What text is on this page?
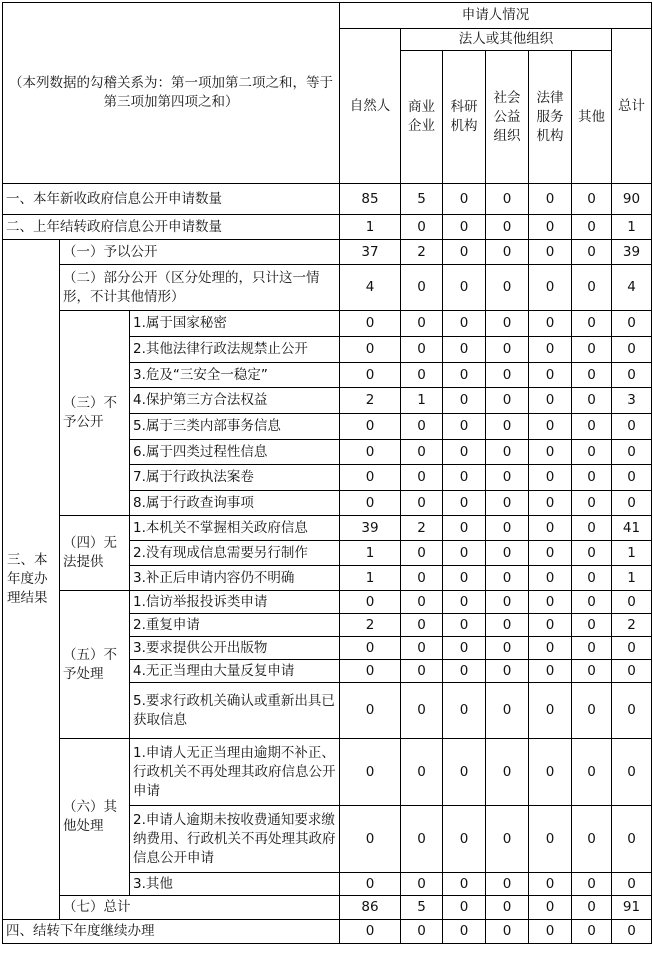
（本列数据的勾稽关系为：第一项加第二项之和，等于第三项加第四项之和）			申请人情况						
			自然人	法人或其他组织					总计
				商业企业	科研机构	社会公益组织	法律服务机构	其他	
一、本年新收政府信息公开申请数量			85	5	0	0	0	0	90
二、上年结转政府信息公开申请数量			1	0	0	0	0	0	1
三、本年度办理结果	（一）予以公开		37	2	0	0	0	0	39
	（二）部分公开（区分处理的，只计这一情形，不计其他情形）		4	0	0	0	0	0	4
	（三）不予公开	1.属于国家秘密	0	0	0	0	0	0	0
		2.其他法律行政法规禁止公开	0	0	0	0	0	0	0
		3.危及“三安全一稳定”	0	0	0	0	0	0	0
		4.保护第三方合法权益	2	1	0	0	0	0	3
		5.属于三类内部事务信息	0	0	0	0	0	0	0
		6.属于四类过程性信息	0	0	0	0	0	0	0
		7.属于行政执法案卷	0	0	0	0	0	0	0
		8.属于行政查询事项	0	0	0	0	0	0	0
	（四）无法提供	1.本机关不掌握相关政府信息	39	2	0	0	0	0	41
		2.没有现成信息需要另行制作	1	0	0	0	0	0	1
		3.补正后申请内容仍不明确	1	0	0	0	0	0	1
	（五）不予处理	1.信访举报投诉类申请	0	0	0	0	0	0	0
		2.重复申请	2	0	0	0	0	0	2
		3.要求提供公开出版物	0	0	0	0	0	0	0
		4.无正当理由大量反复申请	0	0	0	0	0	0	0
		5.要求行政机关确认或重新出具已获取信息	0	0	0	0	0	0	0
	（六）其他处理	1.申请人无正当理由逾期不补正、行政机关不再处理其政府信息公开申请	0	0	0	0	0	0	0
		2.申请人逾期未按收费通知要求缴纳费用、行政机关不再处理其政府信息公开申请	0	0	0	0	0	0	0
		3.其他	0	0	0	0	0	0	0
	（七）总计		86	5	0	0	0	0	91
四、结转下年度继续办理			0	0	0	0	0	0	0
